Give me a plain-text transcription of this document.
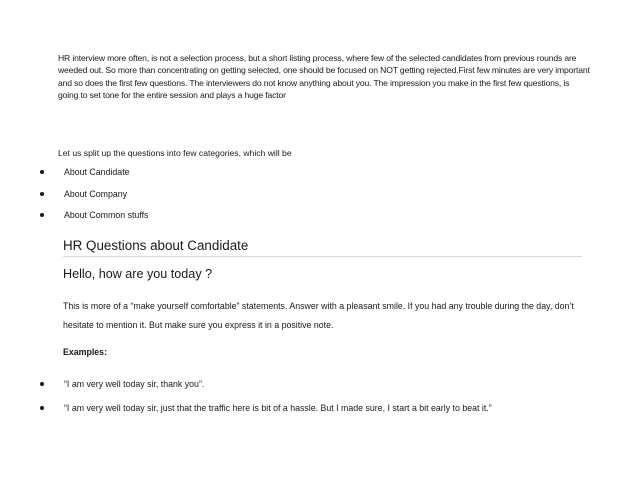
HR interview more often, is not a selection process, but a short listing process, where few of the selected candidates from previous rounds are weeded out. So more than concentrating on getting selected, one should be focused on NOT getting rejected.First few minutes are very important and so does the first few questions. The interviewers do not know anything about you. The impression you make in the first few questions, is going to set tone for the entire session and plays a huge factor

Let us split up the questions into few categories, which will be

About Candidate
About Company
About Common stuffs
HR Questions about Candidate
Hello, how are you today ?

This is more of a “make yourself comfortable” statements. Answer with a pleasant smile. If you had any trouble during the day, don’t hesitate to mention it. But make sure you express it in a positive note.

Examples:

“I am very well today sir, thank you”.
“I am very well today sir, just that the traffic here is bit of a hassle. But I made sure, I start a bit early to beat it.”
